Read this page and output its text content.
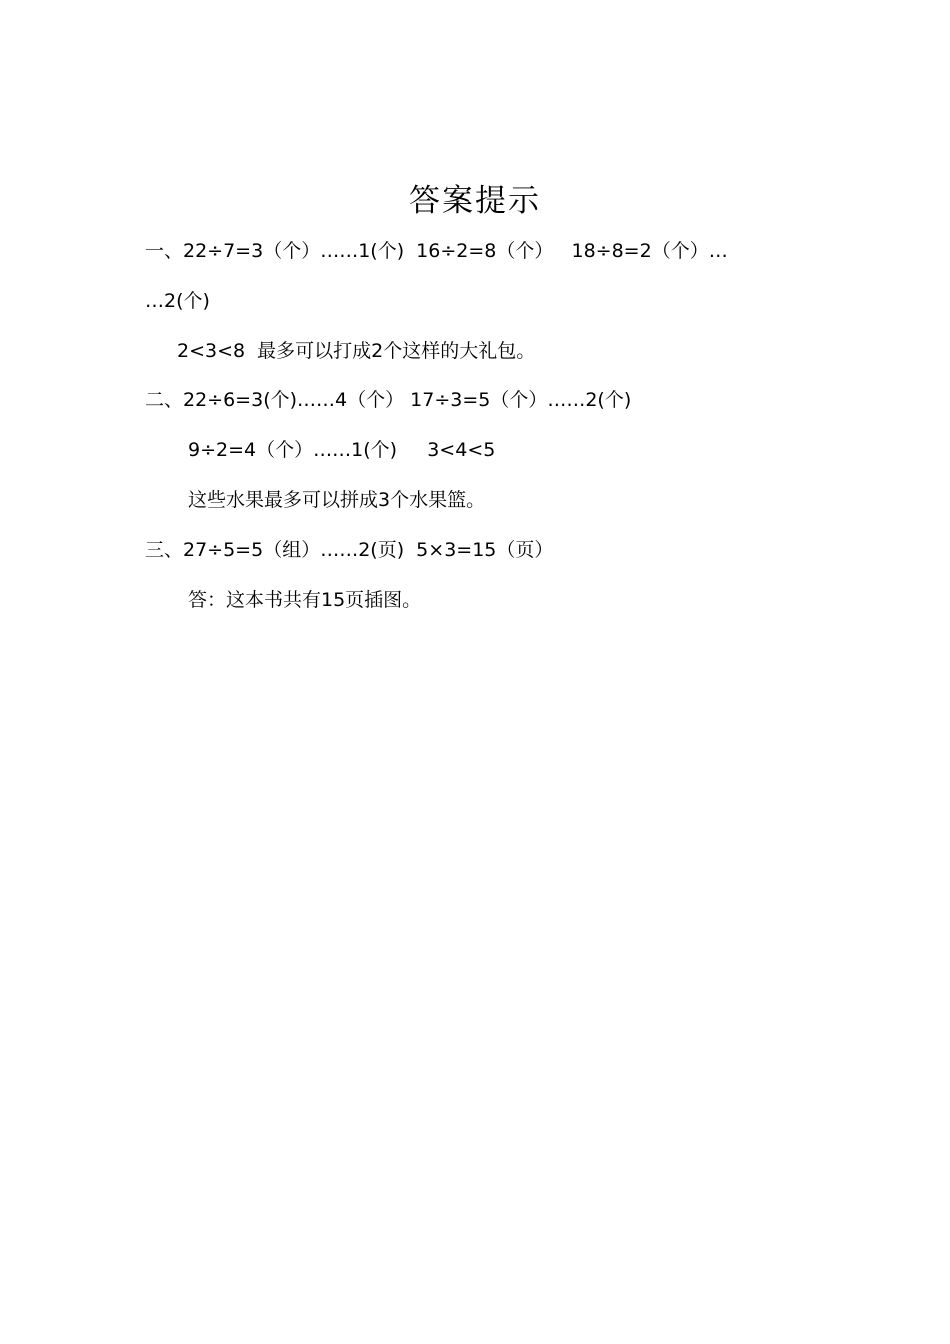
答案提示
一、22÷7=3（个）……1(个)  16÷2=8（个）   18÷8=2（个）…
…2(个)
2<3<8  最多可以打成2个这样的大礼包。
二、22÷6=3(个)……4（个） 17÷3=5（个）……2(个)
9÷2=4（个）……1(个)     3<4<5
这些水果最多可以拼成3个水果篮。
三、27÷5=5（组）……2(页)  5×3=15（页）
答：这本书共有15页插图。
